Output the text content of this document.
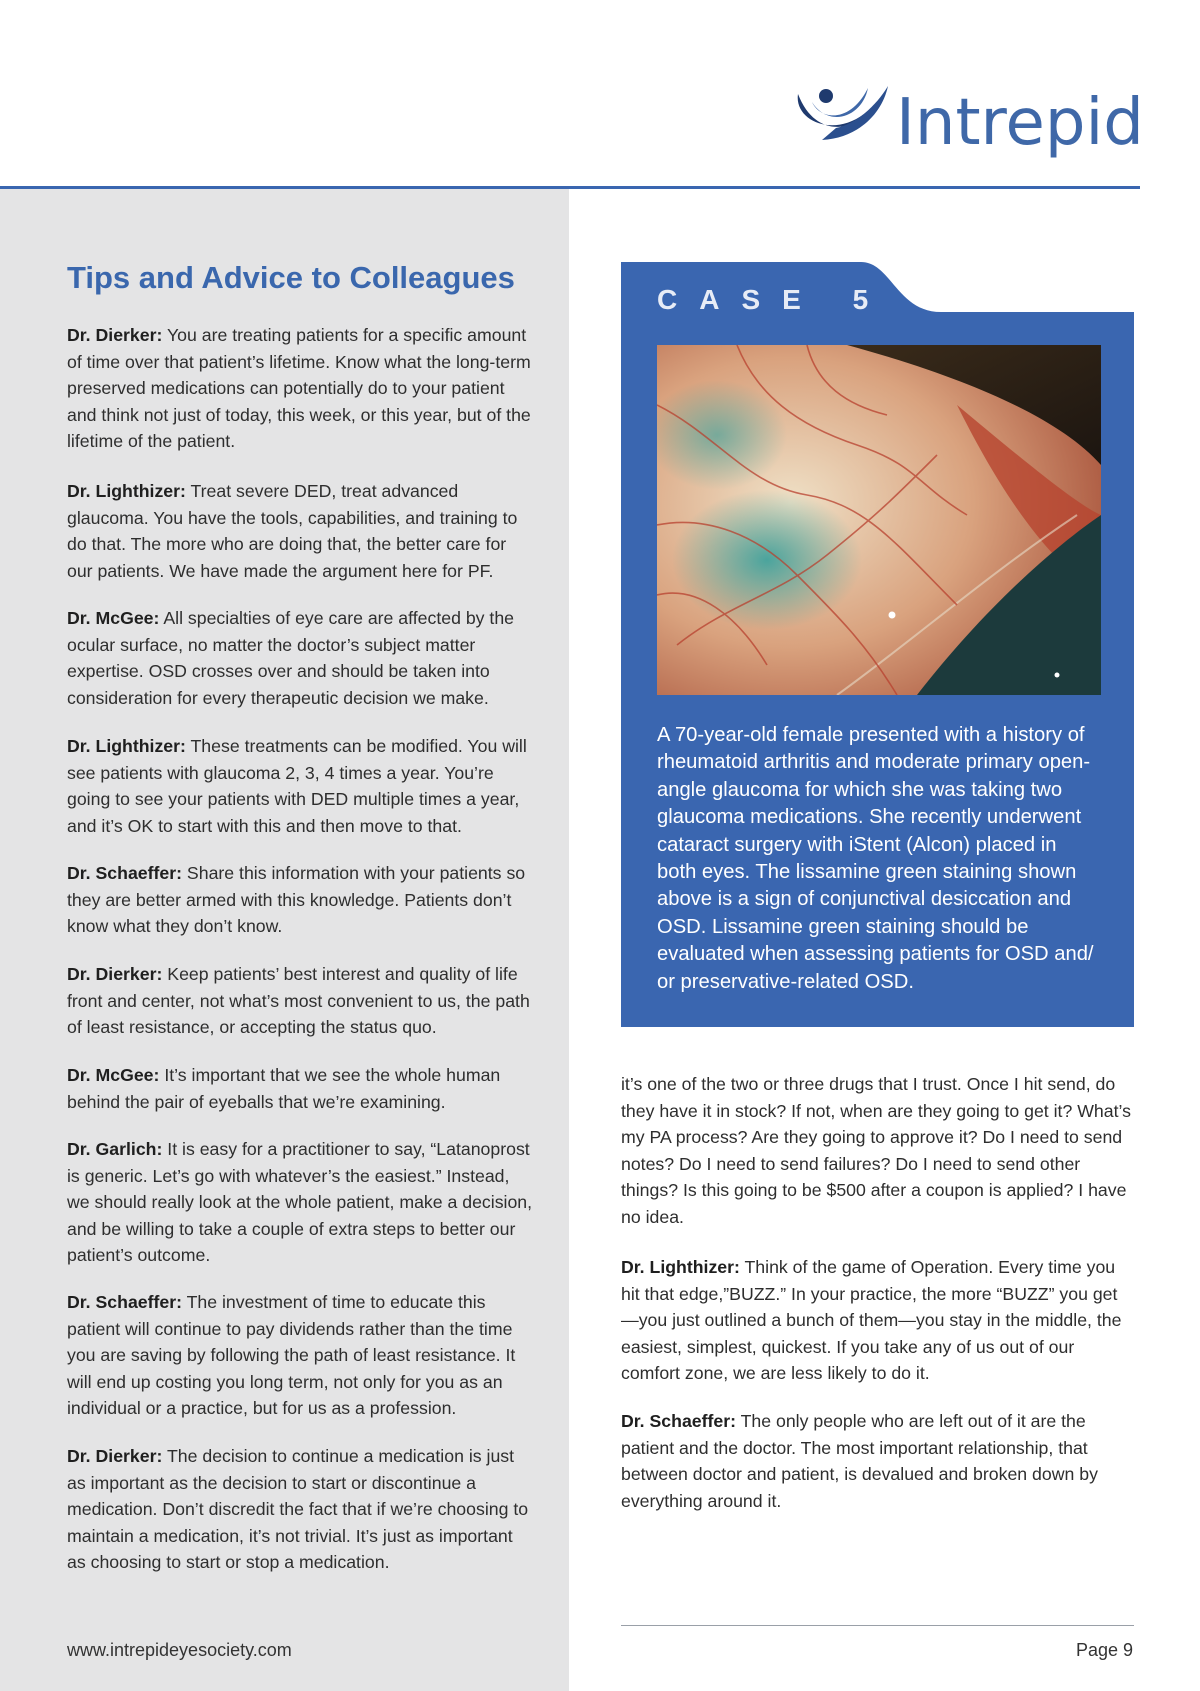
Intrepid
Tips and Advice to Colleagues

Dr. Dierker: You are treating patients for a specific amount of time over that patient’s lifetime. Know what the long-term preserved medications can potentially do to your patient and think not just of today, this week, or this year, but of the lifetime of the patient.

Dr. Lighthizer: Treat severe DED, treat advanced glaucoma. You have the tools, capabilities, and training to do that. The more who are doing that, the better care for our patients. We have made the argument here for PF.

Dr. McGee: All specialties of eye care are affected by the ocular surface, no matter the doctor’s subject matter expertise. OSD crosses over and should be taken into consideration for every therapeutic decision we make.

Dr. Lighthizer: These treatments can be modified. You will see patients with glaucoma 2, 3, 4 times a year. You’re going to see your patients with DED multiple times a year, and it’s OK to start with this and then move to that.

Dr. Schaeffer: Share this information with your patients so they are better armed with this knowledge. Patients don’t know what they don’t know.

Dr. Dierker: Keep patients’ best interest and quality of life front and center, not what’s most convenient to us, the path of least resistance, or accepting the status quo.

Dr. McGee: It’s important that we see the whole human behind the pair of eyeballs that we’re examining.

Dr. Garlich: It is easy for a practitioner to say, “Latanoprost is generic. Let’s go with whatever’s the easiest.” Instead, we should really look at the whole patient, make a decision, and be willing to take a couple of extra steps to better our patient’s outcome.

Dr. Schaeffer: The investment of time to educate this patient will continue to pay dividends rather than the time you are saving by following the path of least resistance. It will end up costing you long term, not only for you as an individual or a practice, but for us as a profession.

Dr. Dierker: The decision to continue a medication is just as important as the decision to start or discontinue a medication. Don’t discredit the fact that if we’re choosing to maintain a medication, it’s not trivial. It’s just as important as choosing to start or stop a medication.

CASE 5

A 70-year-old female presented with a history of rheumatoid arthritis and moderate primary open-angle glaucoma for which she was taking two glaucoma medications. She recently underwent cataract surgery with iStent (Alcon) placed in both eyes. The lissamine green staining shown above is a sign of conjunctival desiccation and OSD. Lissamine green staining should be evaluated when assessing patients for OSD and/ or preservative-related OSD.

it’s one of the two or three drugs that I trust. Once I hit send, do they have it in stock? If not, when are they going to get it? What’s my PA process? Are they going to approve it? Do I need to send notes? Do I need to send failures? Do I need to send other things? Is this going to be $500 after a coupon is applied? I have no idea.

Dr. Lighthizer: Think of the game of Operation. Every time you hit that edge,”BUZZ.” In your practice, the more “BUZZ” you get—you just outlined a bunch of them—you stay in the middle, the easiest, simplest, quickest. If you take any of us out of our comfort zone, we are less likely to do it.

Dr. Schaeffer: The only people who are left out of it are the patient and the doctor. The most important relationship, that between doctor and patient, is devalued and broken down by everything around it.

www.intrepideyesociety.com	Page 9
